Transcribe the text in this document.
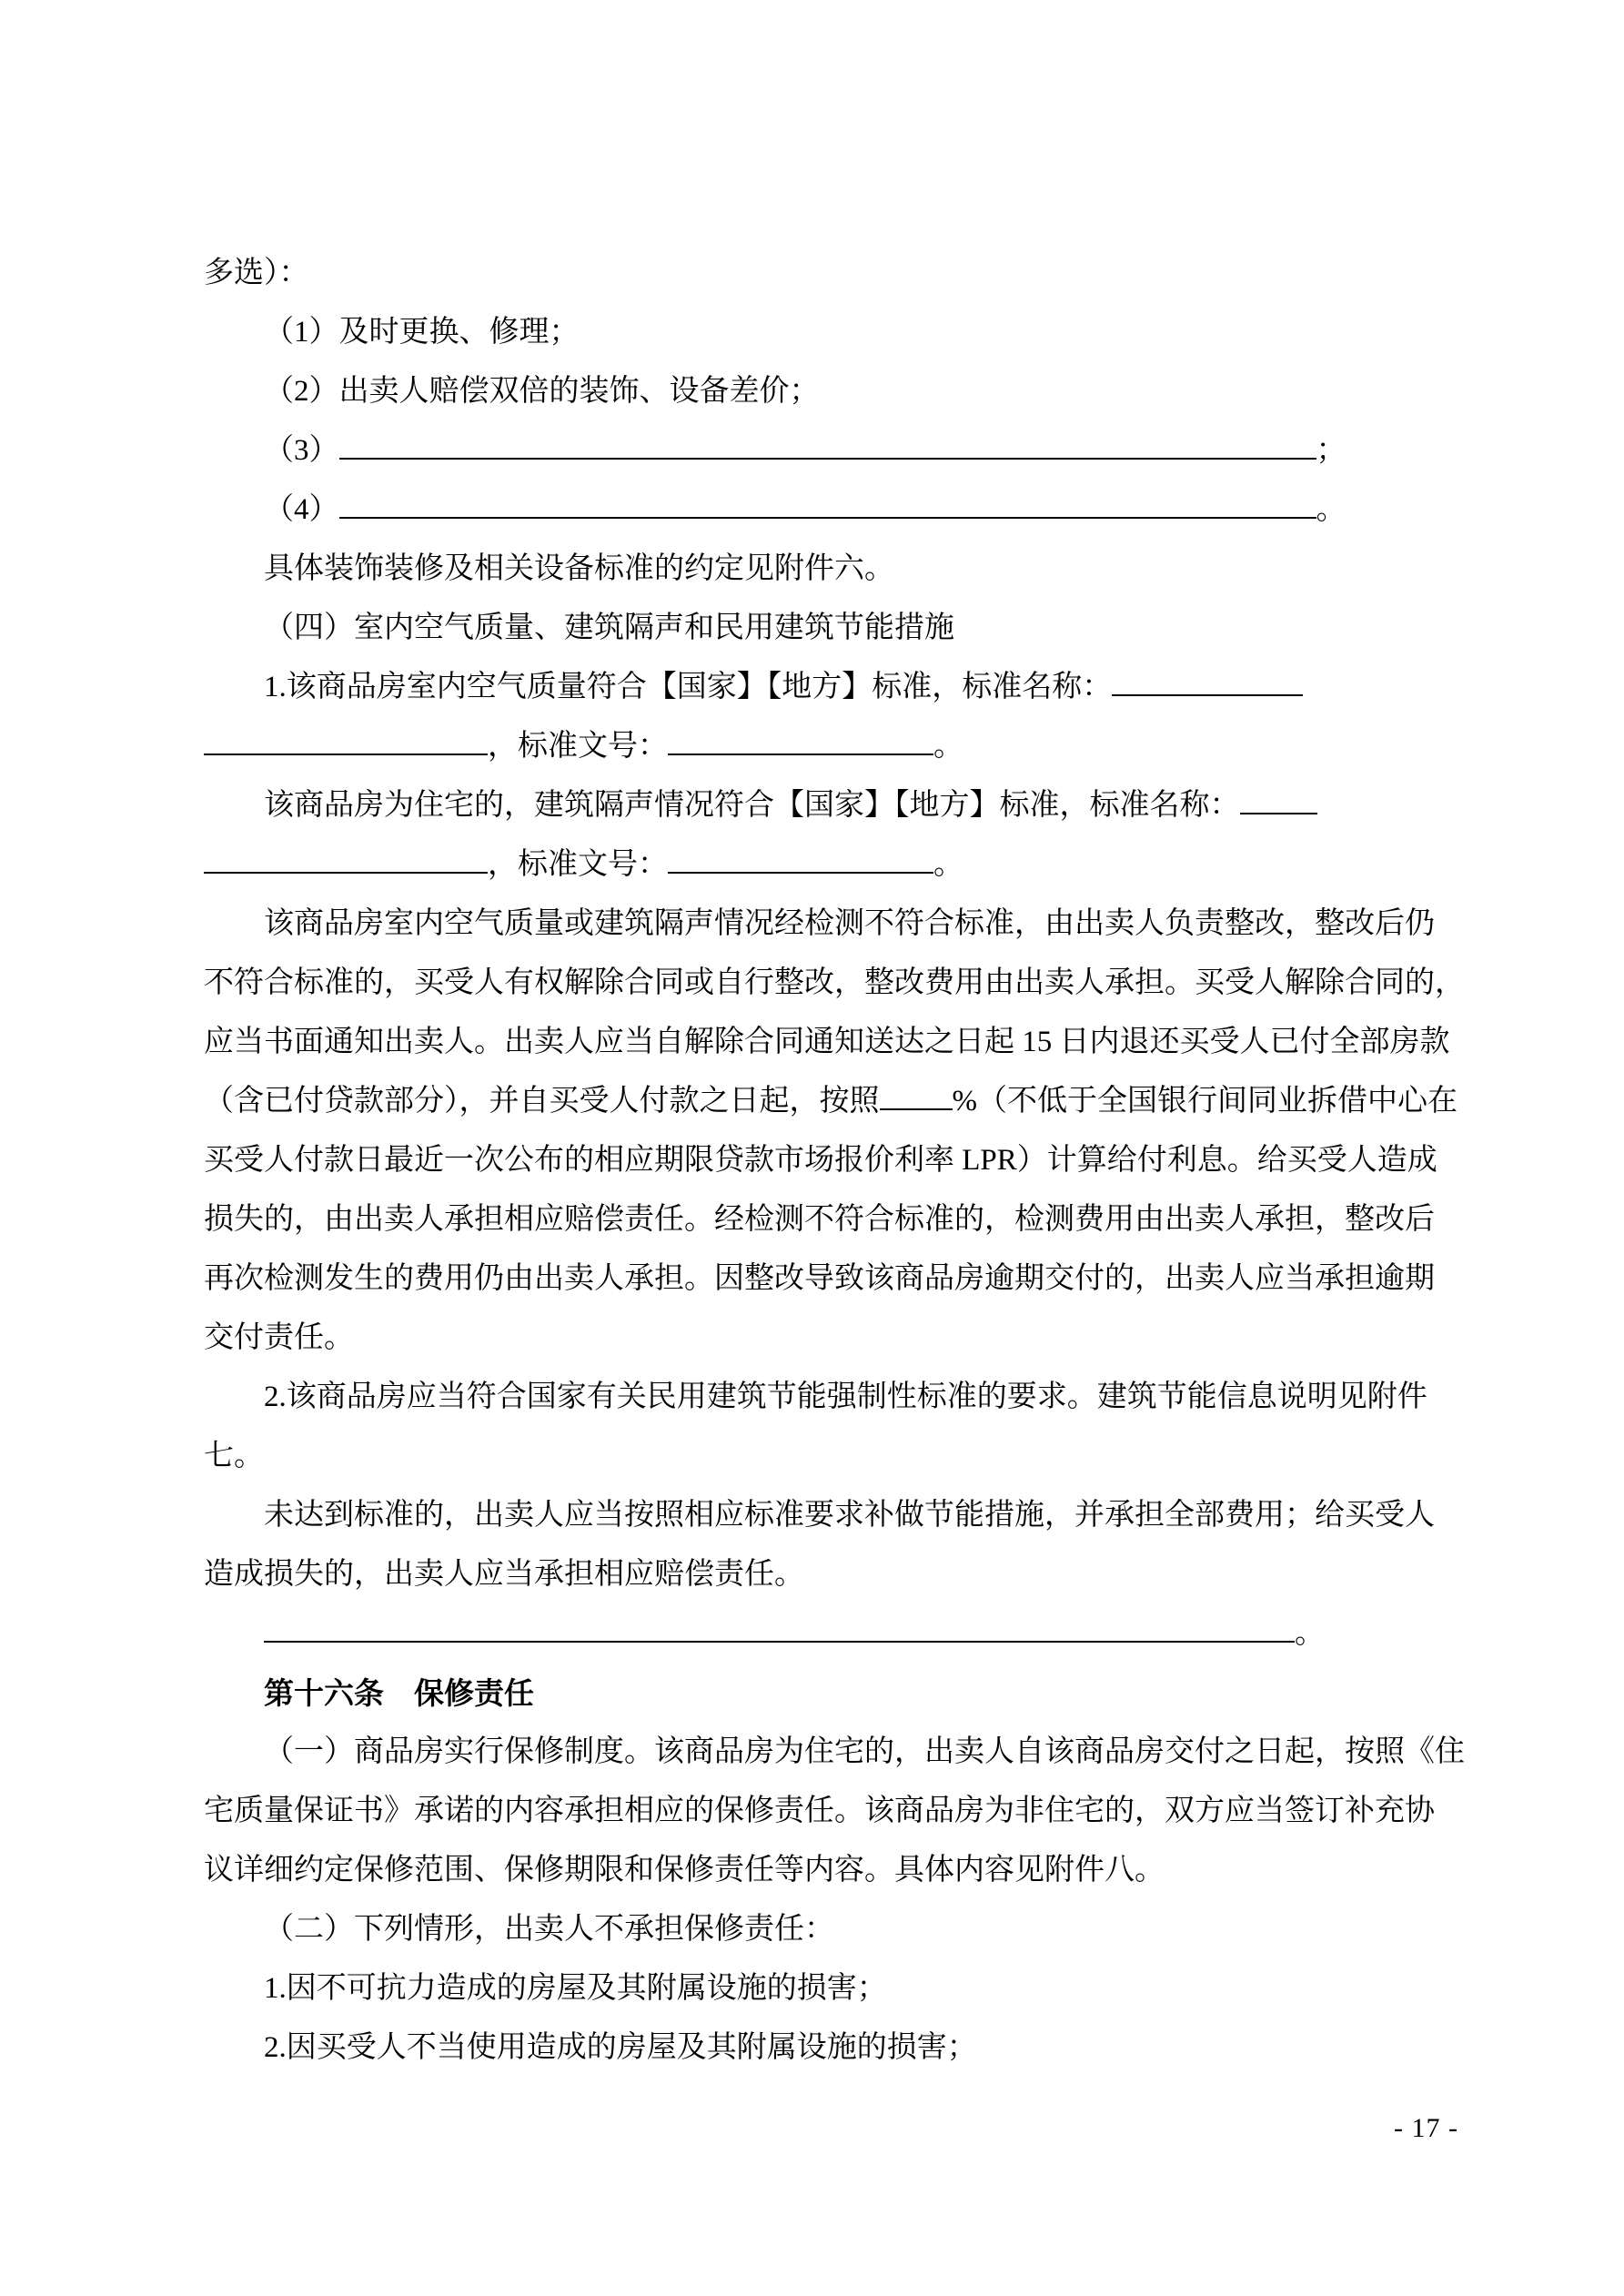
多选）：
（1）及时更换、修理；
（2）出卖人赔偿双倍的装饰、设备差价；
（3）	；
（4）	。
具体装饰装修及相关设备标准的约定见附件六。
（四）室内空气质量、建筑隔声和民用建筑节能措施
1.该商品房室内空气质量符合【国家】【地方】标准，标准名称：
，标准文号：	。
该商品房为住宅的，建筑隔声情况符合【国家】【地方】标准，标准名称：
，标准文号：	。
该商品房室内空气质量或建筑隔声情况经检测不符合标准，由出卖人负责整改，整改后仍
不符合标准的，买受人有权解除合同或自行整改，整改费用由出卖人承担。买受人解除合同的，
应当书面通知出卖人。出卖人应当自解除合同通知送达之日起 15 日内退还买受人已付全部房款
（含已付贷款部分），并自买受人付款之日起，按照 %（不低于全国银行间同业拆借中心在
买受人付款日最近一次公布的相应期限贷款市场报价利率 LPR）计算给付利息。给买受人造成
损失的，由出卖人承担相应赔偿责任。经检测不符合标准的，检测费用由出卖人承担，整改后
再次检测发生的费用仍由出卖人承担。因整改导致该商品房逾期交付的，出卖人应当承担逾期
交付责任。
2.该商品房应当符合国家有关民用建筑节能强制性标准的要求。建筑节能信息说明见附件
七。
未达到标准的，出卖人应当按照相应标准要求补做节能措施，并承担全部费用；给买受人
造成损失的，出卖人应当承担相应赔偿责任。
。
第十六条　保修责任
（一）商品房实行保修制度。该商品房为住宅的，出卖人自该商品房交付之日起，按照《住
宅质量保证书》承诺的内容承担相应的保修责任。该商品房为非住宅的，双方应当签订补充协
议详细约定保修范围、保修期限和保修责任等内容。具体内容见附件八。
（二）下列情形，出卖人不承担保修责任：
1.因不可抗力造成的房屋及其附属设施的损害；
2.因买受人不当使用造成的房屋及其附属设施的损害；
- 17 -
